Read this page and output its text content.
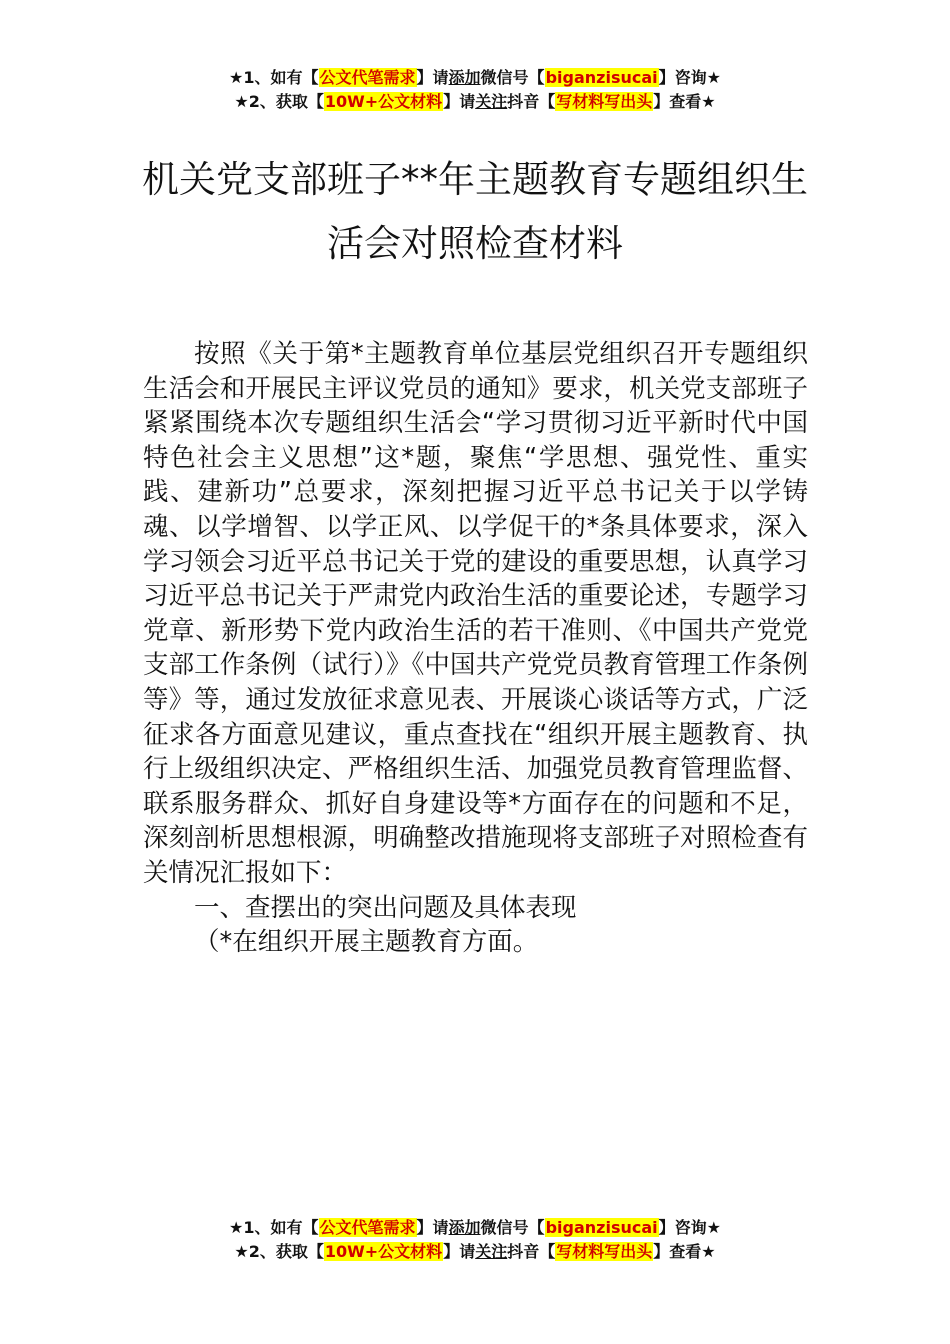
★1、如有【公文代笔需求】请添加微信号【biganzisucai】咨询★
★2、获取【10W+公文材料】请关注抖音【写材料写出头】查看★
机关党支部班子**年主题教育专题组织生
活会对照检查材料

按照《关于第*主题教育单位基层党组织召开专题组织生活会和开展民主评议党员的通知》要求，机关党支部班子紧紧围绕本次专题组织生活会“学习贯彻习近平新时代中国特色社会主义思想”这*题，聚焦“学思想、强党性、重实践、建新功”总要求，深刻把握习近平总书记关于以学铸魂、以学增智、以学正风、以学促干的*条具体要求，深入学习领会习近平总书记关于党的建设的重要思想，认真学习习近平总书记关于严肃党内政治生活的重要论述，专题学习党章、新形势下党内政治生活的若干准则、《中国共产党党支部工作条例（试行）》《中国共产党党员教育管理工作条例等》等，通过发放征求意见表、开展谈心谈话等方式，广泛征求各方面意见建议，重点查找在“组织开展主题教育、执行上级组织决定、严格组织生活、加强党员教育管理监督、联系服务群众、抓好自身建设等*方面存在的问题和不足，深刻剖析思想根源，明确整改措施现将支部班子对照检查有关情况汇报如下：

一、查摆出的突出问题及具体表现

（*在组织开展主题教育方面。

★1、如有【公文代笔需求】请添加微信号【biganzisucai】咨询★
★2、获取【10W+公文材料】请关注抖音【写材料写出头】查看★
